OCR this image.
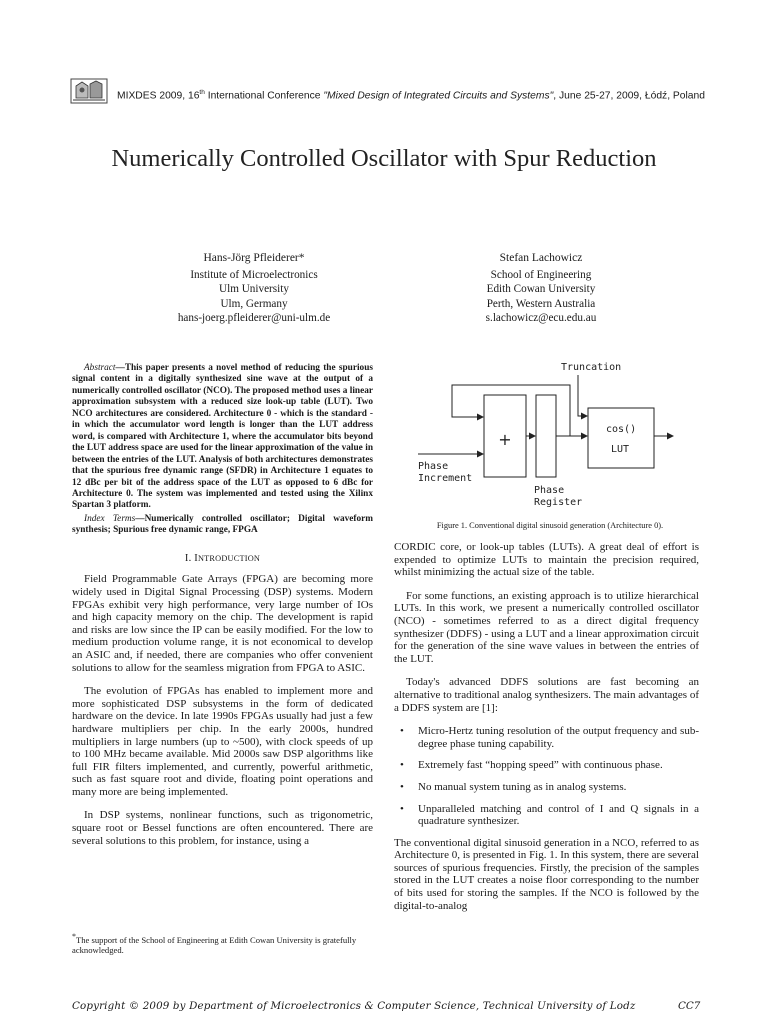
MIXDES 2009, 16th International Conference "Mixed Design of Integrated Circuits and Systems", June 25-27, 2009, Łódź, Poland
Numerically Controlled Oscillator with Spur Reduction
Hans-Jörg Pfleiderer*
Institute of Microelectronics
Ulm University
Ulm, Germany
hans-joerg.pfleiderer@uni-ulm.de
Stefan Lachowicz
School of Engineering
Edith Cowan University
Perth, Western Australia
s.lachowicz@ecu.edu.au

Abstract—This paper presents a novel method of reducing the spurious signal content in a digitally synthesized sine wave at the output of a numerically controlled oscillator (NCO). The proposed method uses a linear approximation subsystem with a reduced size look-up table (LUT). Two NCO architectures are considered. Architecture 0 - which is the standard - in which the accumulator word length is longer than the LUT address word, is compared with Architecture 1, where the accumulator bits beyond the LUT address space are used for the linear approximation of the value in between the entries of the LUT. Analysis of both architectures demonstrates that the spurious free dynamic range (SFDR) in Architecture 1 equates to 12 dBc per bit of the address space of the LUT as opposed to 6 dBc for Architecture 0. The system was implemented and tested using the Xilinx Spartan 3 platform.

Index Terms—Numerically controlled oscillator; Digital waveform synthesis; Spurious free dynamic range, FPGA

I. INTRODUCTION

Field Programmable Gate Arrays (FPGA) are becoming more widely used in Digital Signal Processing (DSP) systems. Modern FPGAs exhibit very high performance, very large number of IOs and high capacity memory on the chip. The development is rapid and risks are low since the IP can be easily modified. For the low to medium production volume range, it is not economical to develop an ASIC and, if needed, there are companies who offer convenient solutions to allow for the seamless migration from FPGA to ASIC.

The evolution of FPGAs has enabled to implement more and more sophisticated DSP subsystems in the form of dedicated hardware on the device. In late 1990s FPGAs usually had just a few hardware multipliers per chip. In the early 2000s, hundred multipliers in large numbers (up to ~500), with clock speeds of up to 100 MHz became available. Mid 2000s saw DSP algorithms like full FIR filters implemented, and currently, powerful arithmetic, such as fast square root and divide, floating point operations and many more are being implemented.

In DSP systems, nonlinear functions, such as trigonometric, square root or Bessel functions are often encountered. There are several solutions to this problem, for instance, using a

*The support of the School of Engineering at Edith Cowan University is gratefully acknowledged.
+
cos()
LUT
Phase
Increment
Truncation
Phase
Register
Figure 1. Conventional digital sinusoid generation (Architecture 0).

CORDIC core, or look-up tables (LUTs). A great deal of effort is expended to optimize LUTs to maintain the precision required, whilst minimizing the actual size of the table.

For some functions, an existing approach is to utilize hierarchical LUTs. In this work, we present a numerically controlled oscillator (NCO) - sometimes referred to as a direct digital frequency synthesizer (DDFS) - using a LUT and a linear approximation circuit for the generation of the sine wave values in between the entries of the LUT.

Today's advanced DDFS solutions are fast becoming an alternative to traditional analog synthesizers. The main advantages of a DDFS system are [1]:

• Micro-Hertz tuning resolution of the output frequency and sub-degree phase tuning capability.
• Extremely fast “hopping speed” with continuous phase.
• No manual system tuning as in analog systems.
• Unparalleled matching and control of I and Q signals in a quadrature synthesizer.

The conventional digital sinusoid generation in a NCO, referred to as Architecture 0, is presented in Fig. 1. In this system, there are several sources of spurious frequencies. Firstly, the precision of the samples stored in the LUT creates a noise floor corresponding to the number of bits used for storing the samples. If the NCO is followed by the digital-to-analog

Copyright © 2009 by Department of Microelectronics & Computer Science, Technical University of Lodz	CC7
